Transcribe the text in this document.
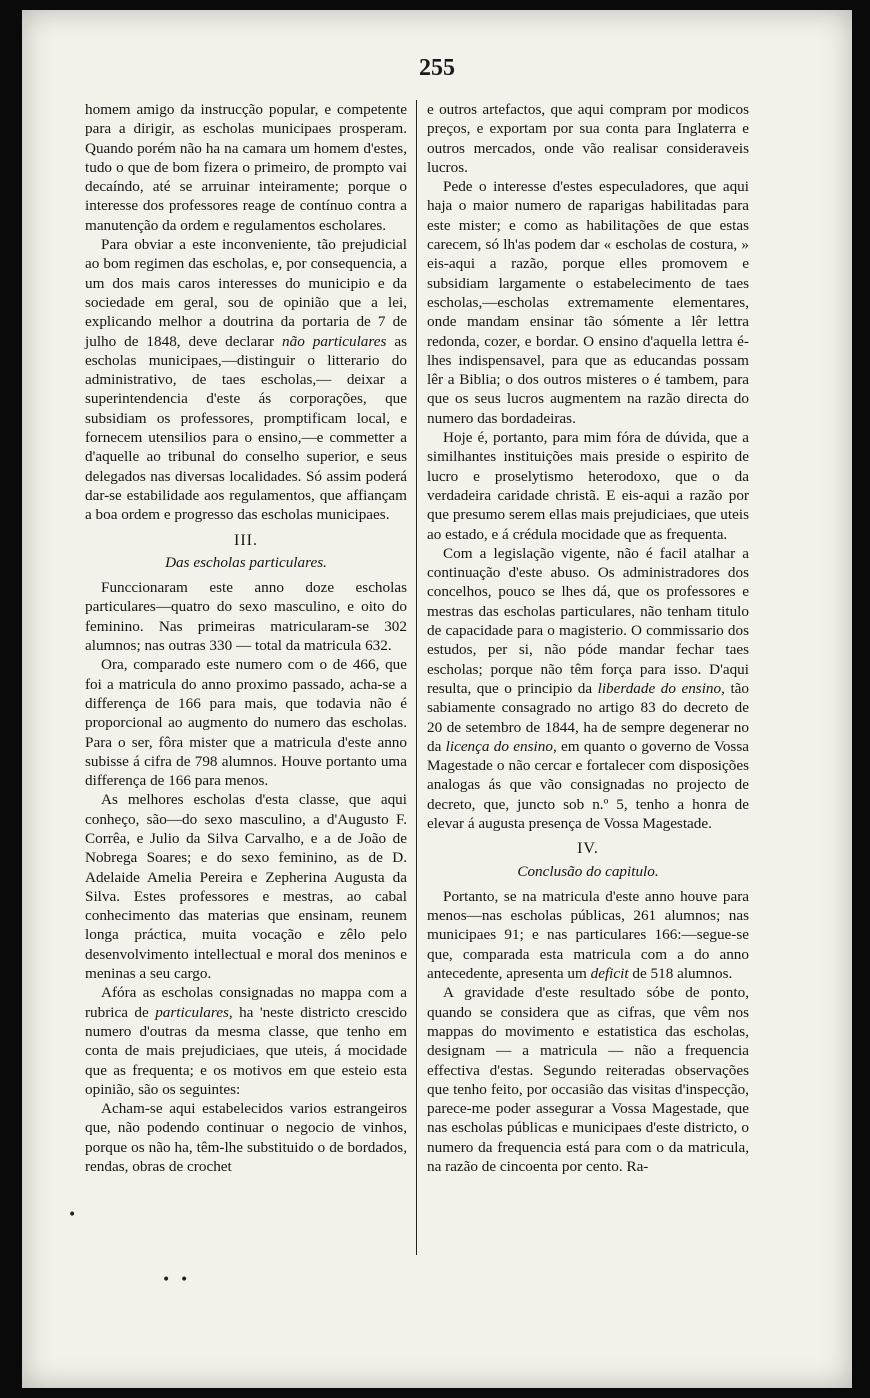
255

homem amigo da instrucção popular, e competente para a dirigir, as escholas municipaes prosperam. Quando porém não ha na camara um homem d'estes, tudo o que de bom fizera o primeiro, de prompto vai decaíndo, até se arruinar inteiramente; porque o interesse dos professores reage de contínuo contra a manutenção da ordem e regulamentos escholares.

Para obviar a este inconveniente, tão prejudicial ao bom regimen das escholas, e, por consequencia, a um dos mais caros interesses do municipio e da sociedade em geral, sou de opinião que a lei, explicando melhor a doutrina da portaria de 7 de julho de 1848, deve declarar não particulares as escholas municipaes,—distinguir o litterario do administrativo, de taes escholas,— deixar a superintendencia d'este ás corporações, que subsidiam os professores, promptificam local, e fornecem utensilios para o ensino,—e commetter a d'aquelle ao tribunal do conselho superior, e seus delegados nas diversas localidades. Só assim poderá dar-se estabilidade aos regulamentos, que affiançam a boa ordem e progresso das escholas municipaes.

III.
Das escholas particulares.

Funccionaram este anno doze escholas particulares—quatro do sexo masculino, e oito do feminino. Nas primeiras matricularam-se 302 alumnos; nas outras 330 — total da matricula 632.

Ora, comparado este numero com o de 466, que foi a matricula do anno proximo passado, acha-se a differença de 166 para mais, que todavia não é proporcional ao augmento do numero das escholas. Para o ser, fôra mister que a matricula d'este anno subisse á cifra de 798 alumnos. Houve portanto uma differença de 166 para menos.

As melhores escholas d'esta classe, que aqui conheço, são—do sexo masculino, a d'Augusto F. Corrêa, e Julio da Silva Carvalho, e a de João de Nobrega Soares; e do sexo feminino, as de D. Adelaide Amelia Pereira e Zepherina Augusta da Silva. Estes professores e mestras, ao cabal conhecimento das materias que ensinam, reunem longa práctica, muita vocação e zêlo pelo desenvolvimento intellectual e moral dos meninos e meninas a seu cargo.

Afóra as escholas consignadas no mappa com a rubrica de particulares, ha 'neste districto crescido numero d'outras da mesma classe, que tenho em conta de mais prejudiciaes, que uteis, á mocidade que as frequenta; e os motivos em que esteio esta opinião, são os seguintes:

Acham-se aqui estabelecidos varios estrangeiros que, não podendo continuar o negocio de vinhos, porque os não ha, têm-lhe substituido o de bordados, rendas, obras de crochet

e outros artefactos, que aqui compram por modicos preços, e exportam por sua conta para Inglaterra e outros mercados, onde vão realisar consideraveis lucros.

Pede o interesse d'estes especuladores, que aqui haja o maior numero de raparigas habilitadas para este mister; e como as habilitações de que estas carecem, só lh'as podem dar « escholas de costura, » eis-aqui a razão, porque elles promovem e subsidiam largamente o estabelecimento de taes escholas,—escholas extremamente elementares, onde mandam ensinar tão sómente a lêr lettra redonda, cozer, e bordar. O ensino d'aquella lettra é-lhes indispensavel, para que as educandas possam lêr a Biblia; o dos outros misteres o é tambem, para que os seus lucros augmentem na razão directa do numero das bordadeiras.

Hoje é, portanto, para mim fóra de dúvida, que a similhantes instituições mais preside o espirito de lucro e proselytismo heterodoxo, que o da verdadeira caridade christã. E eis-aqui a razão por que presumo serem ellas mais prejudiciaes, que uteis ao estado, e á crédula mocidade que as frequenta.

Com a legislação vigente, não é facil atalhar a continuação d'este abuso. Os administradores dos concelhos, pouco se lhes dá, que os professores e mestras das escholas particulares, não tenham titulo de capacidade para o magisterio. O commissario dos estudos, per si, não póde mandar fechar taes escholas; porque não têm força para isso. D'aqui resulta, que o principio da liberdade do ensino, tão sabiamente consagrado no artigo 83 do decreto de 20 de setembro de 1844, ha de sempre degenerar no da licença do ensino, em quanto o governo de Vossa Magestade o não cercar e fortalecer com disposições analogas ás que vão consignadas no projecto de decreto, que, juncto sob n.º 5, tenho a honra de elevar á augusta presença de Vossa Magestade.

IV.
Conclusão do capitulo.

Portanto, se na matricula d'este anno houve para menos—nas escholas públicas, 261 alumnos; nas municipaes 91; e nas particulares 166:—segue-se que, comparada esta matricula com a do anno antecedente, apresenta um deficit de 518 alumnos.

A gravidade d'este resultado sóbe de ponto, quando se considera que as cifras, que vêm nos mappas do movimento e estatistica das escholas, designam — a matricula — não a frequencia effectiva d'estas. Segundo reiteradas observações que tenho feito, por occasião das visitas d'inspecção, parece-me poder assegurar a Vossa Magestade, que nas escholas públicas e municipaes d'este districto, o numero da frequencia está para com o da matricula, na razão de cincoenta por cento. Ra-

•
• •
